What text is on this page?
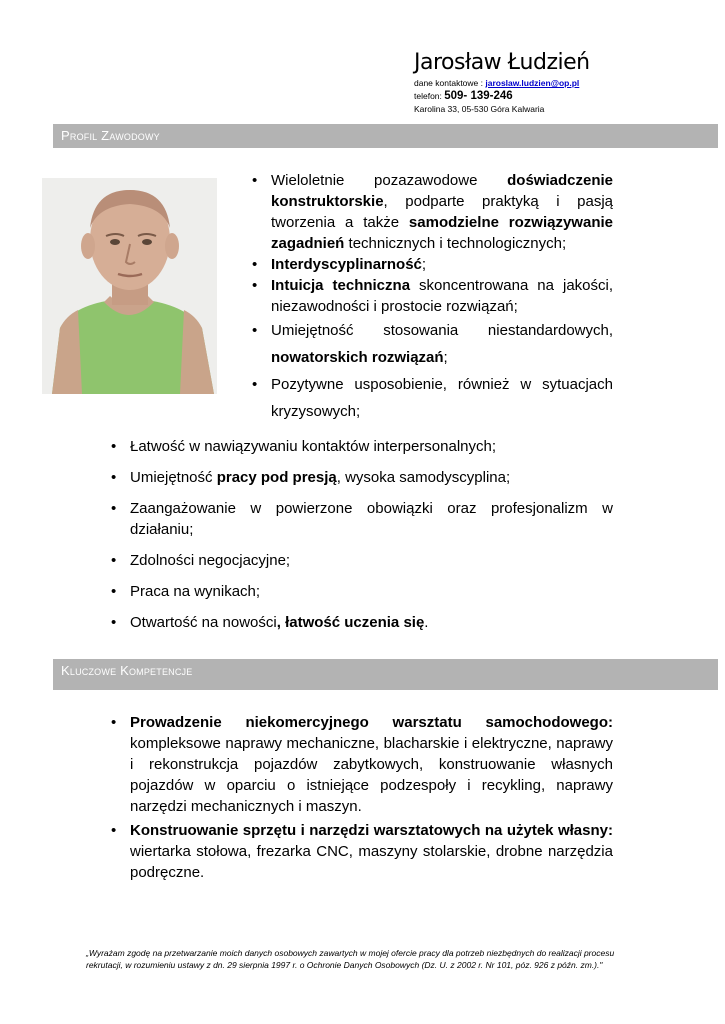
Jarosław Łudzień
dane kontaktowe : jaroslaw.ludzien@op.pl
telefon: 509- 139-246
Karolina 33, 05-530 Góra Kalwaria
Profil Zawodowy
• Wieloletnie pozazawodowe doświadczenie konstruktorskie, podparte praktyką i pasją tworzenia a także samodzielne rozwiązywanie zagadnień technicznych i technologicznych;
• Interdyscyplinarność;
• Intuicja techniczna skoncentrowana na jakości, niezawodności i prostocie rozwiązań;
• Umiejętność stosowania niestandardowych, nowatorskich rozwiązań;
• Pozytywne usposobienie, również w sytuacjach kryzysowych;
• Łatwość w nawiązywaniu kontaktów interpersonalnych;
• Umiejętność pracy pod presją, wysoka samodyscyplina;
• Zaangażowanie w powierzone obowiązki oraz profesjonalizm w działaniu;
• Zdolności negocjacyjne;
• Praca na wynikach;
• Otwartość na nowości, łatwość uczenia się.
Kluczowe Kompetencje
• Prowadzenie niekomercyjnego warsztatu samochodowego: kompleksowe naprawy mechaniczne, blacharskie i elektryczne, naprawy i rekonstrukcja pojazdów zabytkowych, konstruowanie własnych pojazdów w oparciu o istniejące podzespoły i recykling, naprawy narzędzi mechanicznych i maszyn.
• Konstruowanie sprzętu i narzędzi warsztatowych na użytek własny: wiertarka stołowa, frezarka CNC, maszyny stolarskie, drobne narzędzia podręczne.
„Wyrażam zgodę na przetwarzanie moich danych osobowych zawartych w mojej ofercie pracy dla potrzeb niezbędnych do realizacji procesu rekrutacji, w rozumieniu ustawy z dn. 29 sierpnia 1997 r. o Ochronie Danych Osobowych (Dz. U. z 2002 r. Nr 101, póz. 926 z późn. zm.)."
